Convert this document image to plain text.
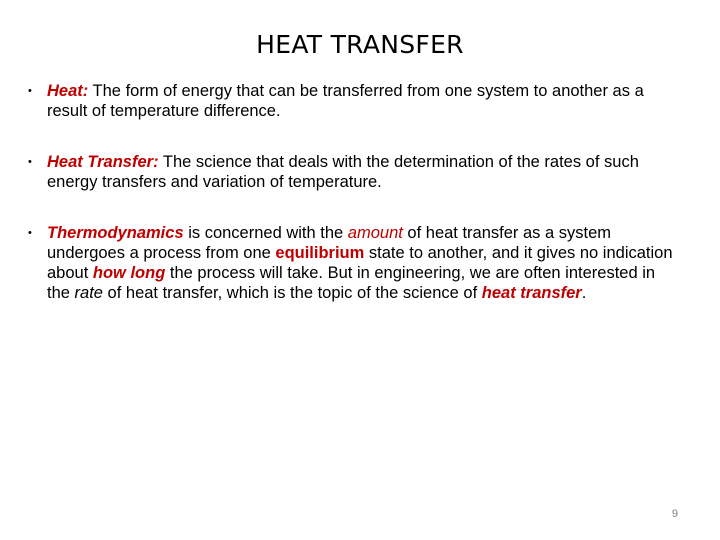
HEAT TRANSFER
• Heat: The form of energy that can be transferred from one system to another as a result of temperature difference.
• Heat Transfer: The science that deals with the determination of the rates of such energy transfers and variation of temperature.
• Thermodynamics is concerned with the amount of heat transfer as a system undergoes a process from one equilibrium state to another, and it gives no indication about how long the process will take. But in engineering, we are often interested in the rate of heat transfer, which is the topic of the science of heat transfer.
9
